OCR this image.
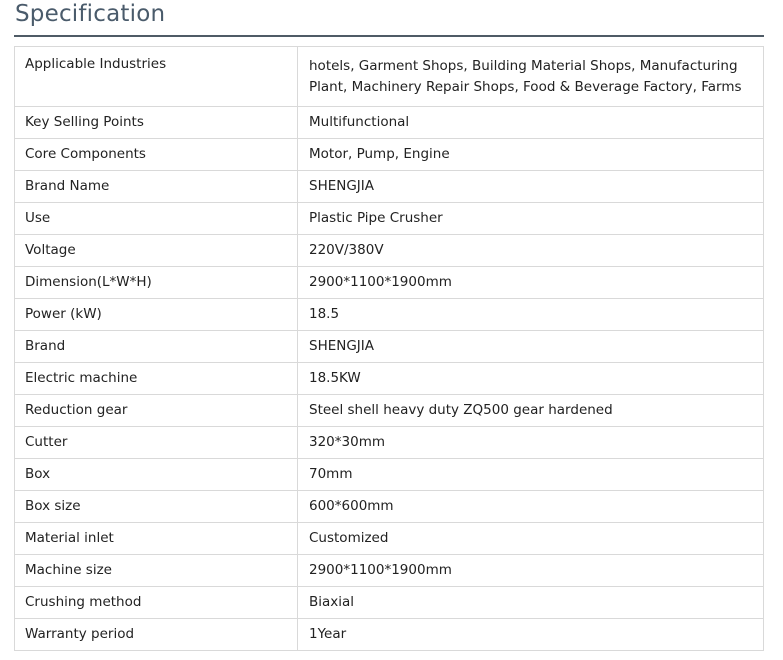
Specification
Applicable Industries	hotels, Garment Shops, Building Material Shops, Manufacturing Plant, Machinery Repair Shops, Food & Beverage Factory, Farms
Key Selling Points	Multifunctional
Core Components	Motor, Pump, Engine
Brand Name	SHENGJIA
Use	Plastic Pipe Crusher
Voltage	220V/380V
Dimension(L*W*H)	2900*1100*1900mm
Power (kW)	18.5
Brand	SHENGJIA
Electric machine	18.5KW
Reduction gear	Steel shell heavy duty ZQ500 gear hardened
Cutter	320*30mm
Box	70mm
Box size	600*600mm
Material inlet	Customized
Machine size	2900*1100*1900mm
Crushing method	Biaxial
Warranty period	1Year
